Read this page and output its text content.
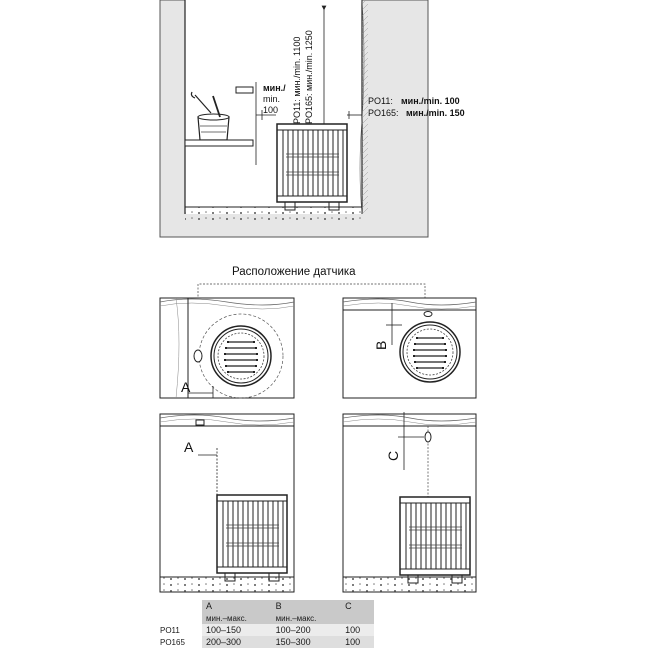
мин./
min.
100 PO11: мин./min. 1100 PO165: мин./min. 1250	PO11: мин./min. 100
PO165: мин./min. 150
Расположение датчика
A
B
A
C
	A	B	C
	мин.–макс.	мин.–макс.	
PO11	100–150	100–200	100
PO165	200–300	150–300	100
